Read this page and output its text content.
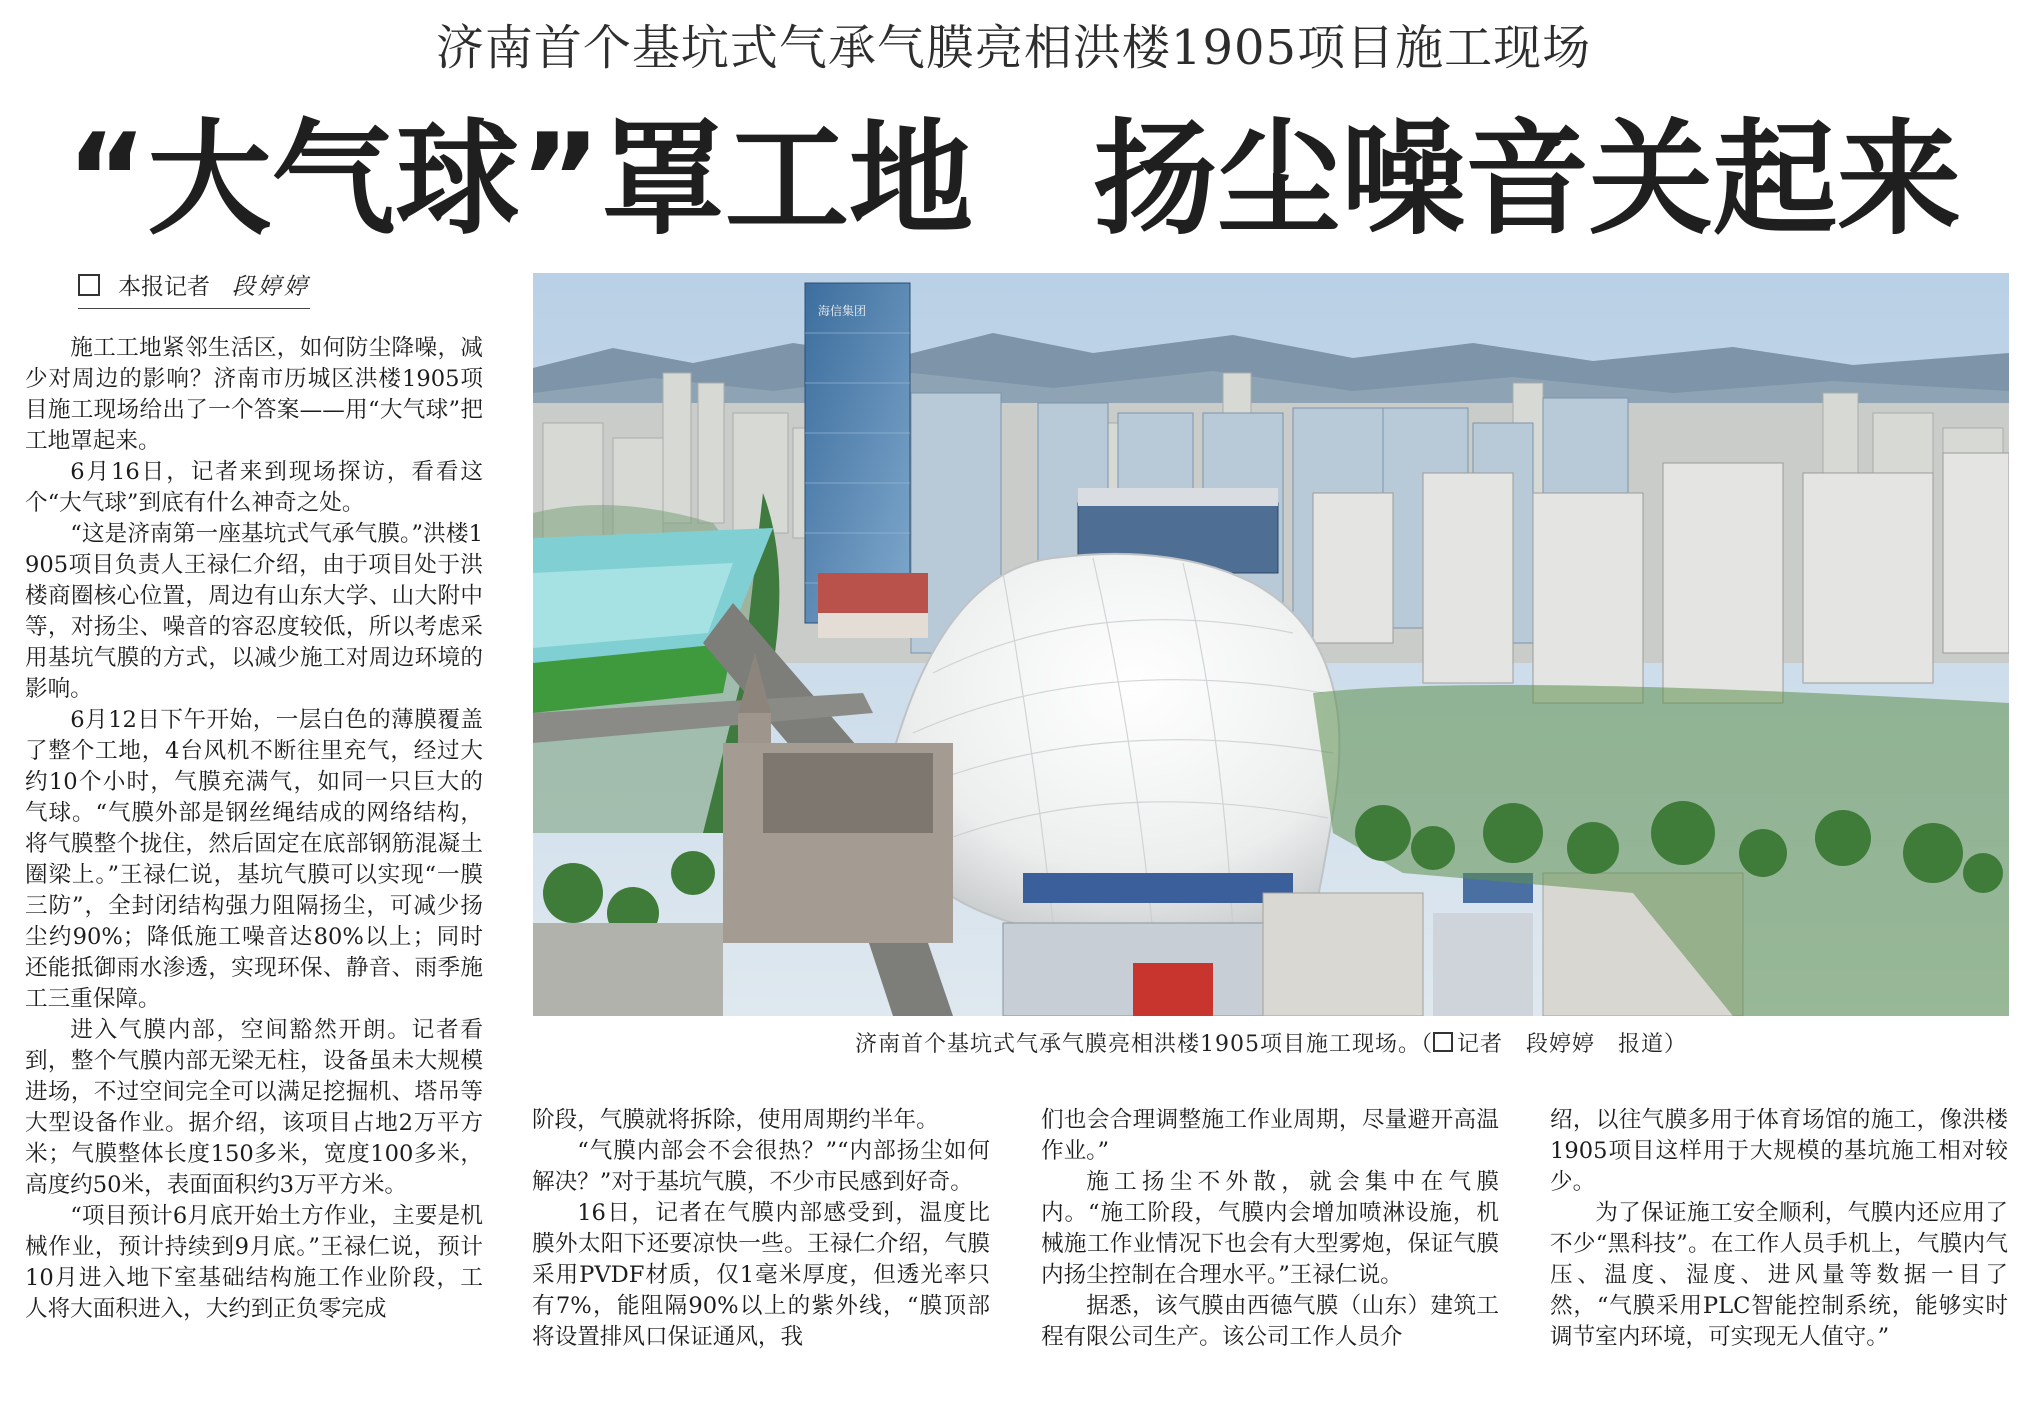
济南首个基坑式气承气膜亮相洪楼1905项目施工现场
“大气球”罩工地 扬尘噪音关起来
本报记者 段婷婷

施工工地紧邻生活区，如何防尘降噪，减少对周边的影响？济南市历城区洪楼1905项目施工现场给出了一个答案——用“大气球”把工地罩起来。

6月16日，记者来到现场探访，看看这个“大气球”到底有什么神奇之处。

“这是济南第一座基坑式气承气膜。”洪楼1905项目负责人王禄仁介绍，由于项目处于洪楼商圈核心位置，周边有山东大学、山大附中等，对扬尘、噪音的容忍度较低，所以考虑采用基坑气膜的方式，以减少施工对周边环境的影响。

6月12日下午开始，一层白色的薄膜覆盖了整个工地，4台风机不断往里充气，经过大约10个小时，气膜充满气，如同一只巨大的气球。“气膜外部是钢丝绳结成的网络结构，将气膜整个拢住，然后固定在底部钢筋混凝土圈梁上。”王禄仁说，基坑气膜可以实现“一膜三防”，全封闭结构强力阻隔扬尘，可减少扬尘约90%；降低施工噪音达80%以上；同时还能抵御雨水渗透，实现环保、静音、雨季施工三重保障。

进入气膜内部，空间豁然开朗。记者看到，整个气膜内部无梁无柱，设备虽未大规模进场，不过空间完全可以满足挖掘机、塔吊等大型设备作业。据介绍，该项目占地2万平方米；气膜整体长度150多米，宽度100多米，高度约50米，表面面积约3万平方米。

“项目预计6月底开始土方作业，主要是机械作业，预计持续到9月底。”王禄仁说，预计10月进入地下室基础结构施工作业阶段，工人将大面积进入，大约到正负零完成

海信集团
济南首个基坑式气承气膜亮相洪楼1905项目施工现场。（ 记者　段婷婷　报道）

阶段，气膜就将拆除，使用周期约半年。

“气膜内部会不会很热？”“内部扬尘如何解决？”对于基坑气膜，不少市民感到好奇。

16日，记者在气膜内部感受到，温度比膜外太阳下还要凉快一些。王禄仁介绍，气膜采用PVDF材质，仅1毫米厚度，但透光率只有7%，能阻隔90%以上的紫外线，“膜顶部将设置排风口保证通风，我

们也会合理调整施工作业周期，尽量避开高温作业。”

施工扬尘不外散，就会集中在气膜内。“施工阶段，气膜内会增加喷淋设施，机械施工作业情况下也会有大型雾炮，保证气膜内扬尘控制在合理水平。”王禄仁说。

据悉，该气膜由西德气膜（山东）建筑工程有限公司生产。该公司工作人员介

绍，以往气膜多用于体育场馆的施工，像洪楼1905项目这样用于大规模的基坑施工相对较少。

为了保证施工安全顺利，气膜内还应用了不少“黑科技”。在工作人员手机上，气膜内气压、温度、湿度、进风量等数据一目了然，“气膜采用PLC智能控制系统，能够实时调节室内环境，可实现无人值守。”
